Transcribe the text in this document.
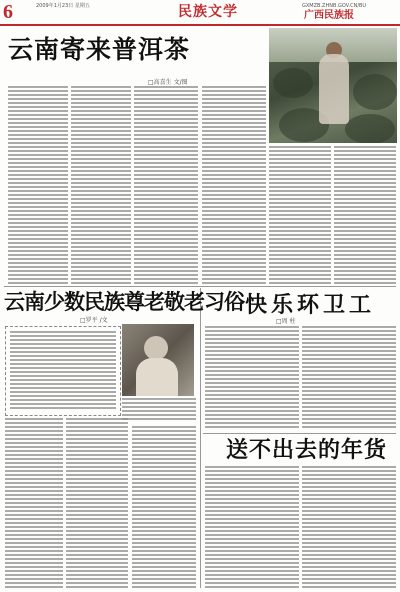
6	2009年1月23日 星期五	民族文学	GXMZB.ZHNB.GOV.CN/BU
广西民族报
云南寄来普洱茶
□高喜生 文/图
云南少数民族尊老敬老习俗
□罗平 /文
快乐环卫工
□周 柱
送不出去的年货
